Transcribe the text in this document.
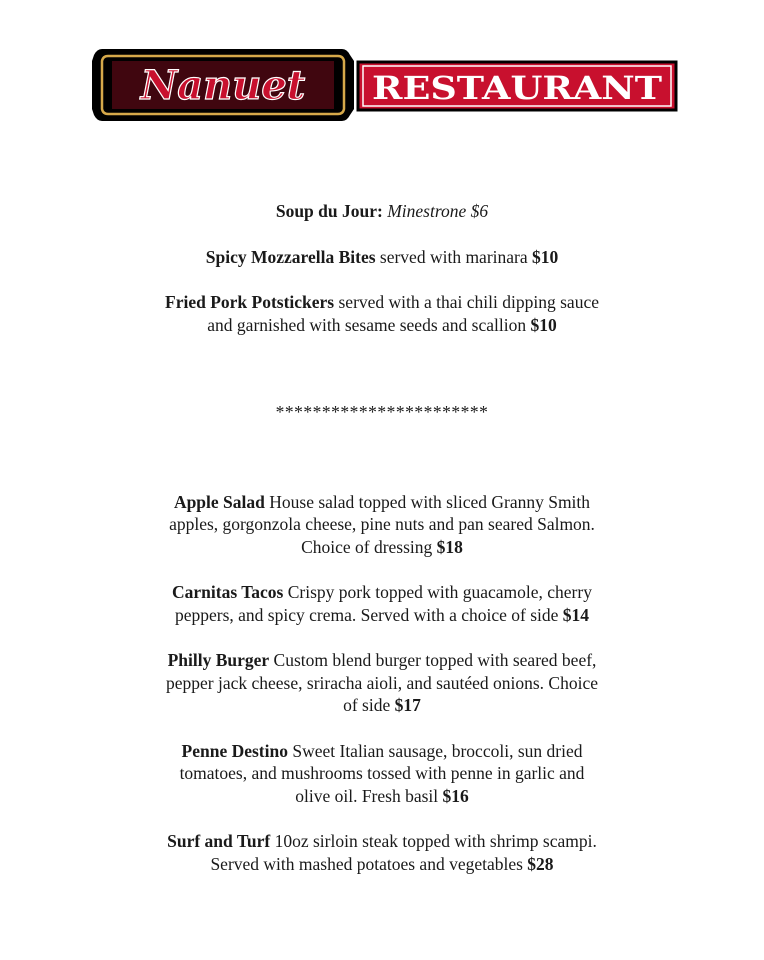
Nanuet RESTAURANT

Soup du Jour: Minestrone $6

Spicy Mozzarella Bites served with marinara $10

Fried Pork Potstickers served with a thai chili dipping sauce
and garnished with sesame seeds and scallion $10

***********************

Apple Salad House salad topped with sliced Granny Smith
apples, gorgonzola cheese, pine nuts and pan seared Salmon.
Choice of dressing $18

Carnitas Tacos Crispy pork topped with guacamole, cherry
peppers, and spicy crema. Served with a choice of side $14

Philly Burger Custom blend burger topped with seared beef,
pepper jack cheese, sriracha aioli, and sautéed onions. Choice
of side $17

Penne Destino Sweet Italian sausage, broccoli, sun dried
tomatoes, and mushrooms tossed with penne in garlic and
olive oil. Fresh basil $16

Surf and Turf 10oz sirloin steak topped with shrimp scampi.
Served with mashed potatoes and vegetables $28
